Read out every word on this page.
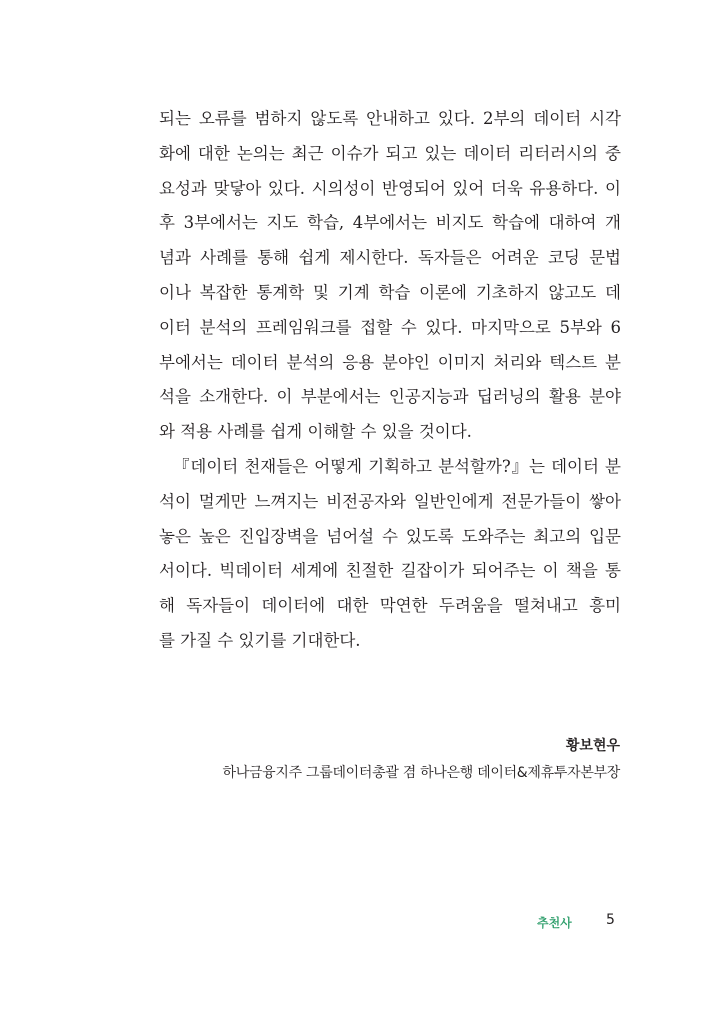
되는 오류를 범하지 않도록 안내하고 있다. 2부의 데이터 시각
화에 대한 논의는 최근 이슈가 되고 있는 데이터 리터러시의 중
요성과 맞닿아 있다. 시의성이 반영되어 있어 더욱 유용하다. 이
후 3부에서는 지도 학습, 4부에서는 비지도 학습에 대하여 개
념과 사례를 통해 쉽게 제시한다. 독자들은 어려운 코딩 문법
이나 복잡한 통계학 및 기계 학습 이론에 기초하지 않고도 데
이터 분석의 프레임워크를 접할 수 있다. 마지막으로 5부와 6
부에서는 데이터 분석의 응용 분야인 이미지 처리와 텍스트 분
석을 소개한다. 이 부분에서는 인공지능과 딥러닝의 활용 분야
와 적용 사례를 쉽게 이해할 수 있을 것이다.
『데이터 천재들은 어떻게 기획하고 분석할까?』는 데이터 분
석이 멀게만 느껴지는 비전공자와 일반인에게 전문가들이 쌓아
놓은 높은 진입장벽을 넘어설 수 있도록 도와주는 최고의 입문
서이다. 빅데이터 세계에 친절한 길잡이가 되어주는 이 책을 통
해 독자들이 데이터에 대한 막연한 두려움을 떨쳐내고 흥미
를 가질 수 있기를 기대한다.
황보현우
하나금융지주 그룹데이터총괄 겸 하나은행 데이터&제휴투자본부장
추천사 5
